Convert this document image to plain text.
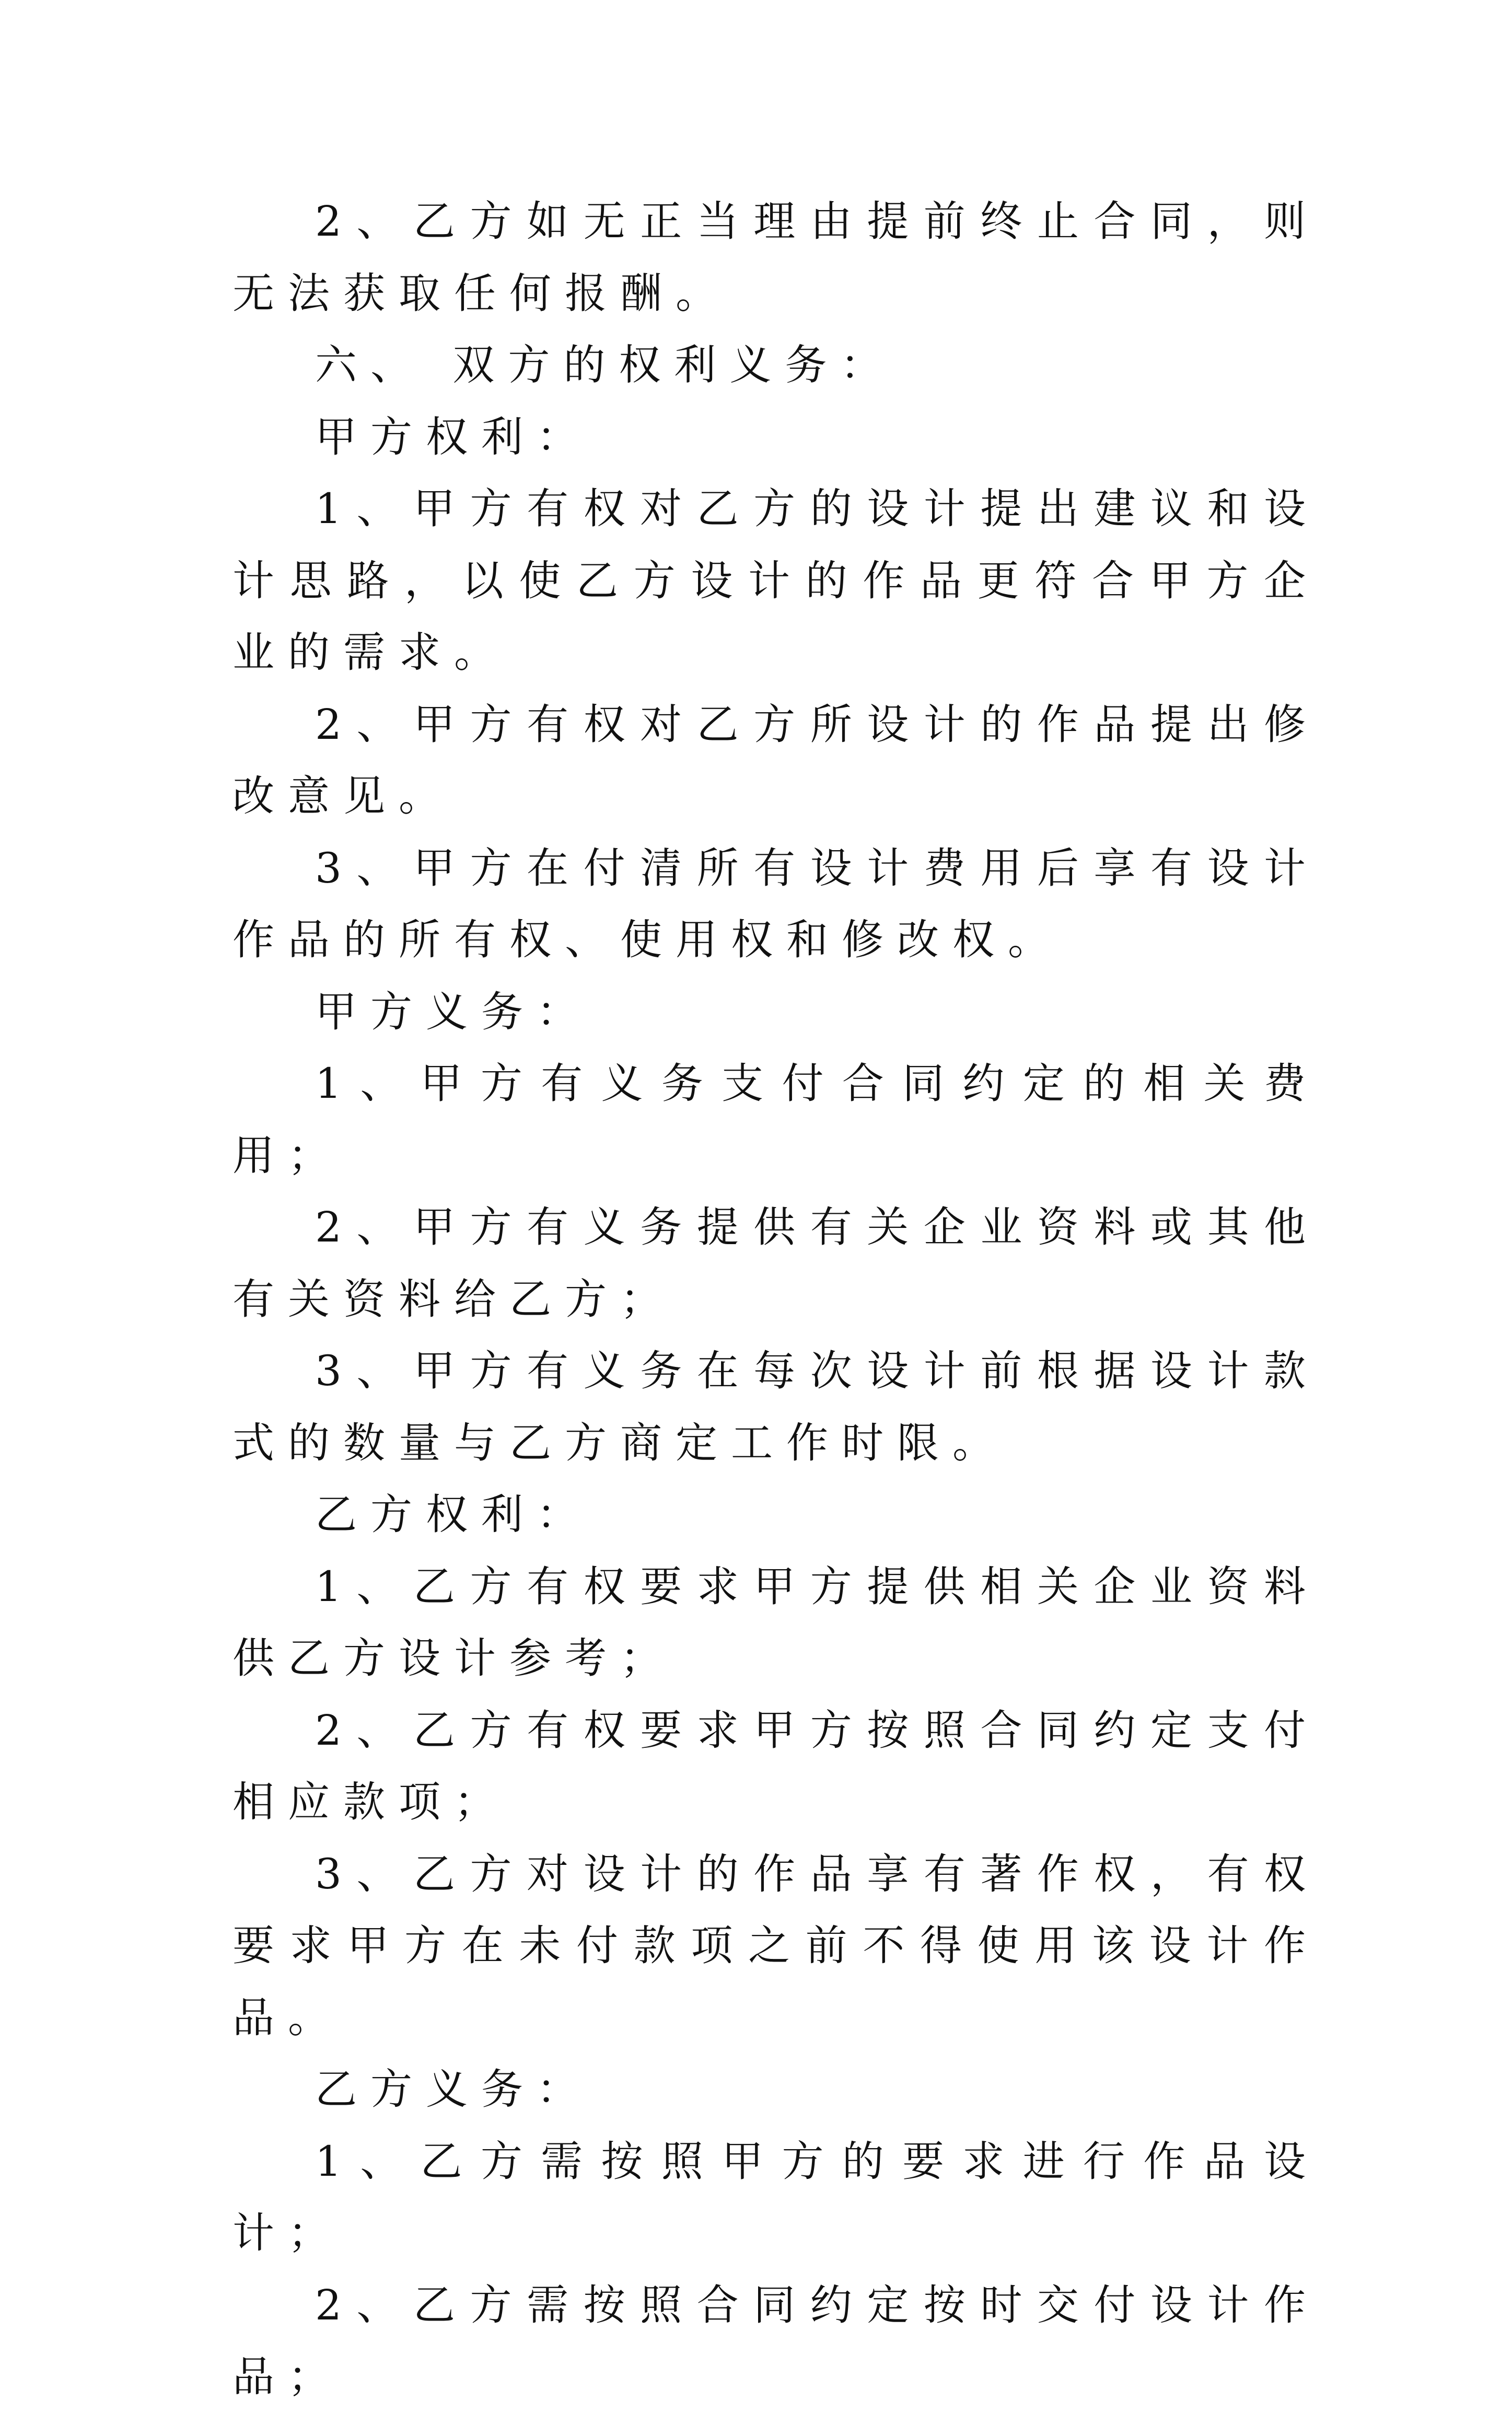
2、乙方如无正当理由提前终止合同，则无法获取任何报酬。

六、 双方的权利义务：

甲方权利：

1、甲方有权对乙方的设计提出建议和设计思路，以使乙方设计的作品更符合甲方企业的需求。

2、甲方有权对乙方所设计的作品提出修改意见。

3、甲方在付清所有设计费用后享有设计作品的所有权、使用权和修改权。

甲方义务：

1、甲方有义务支付合同约定的相关费用；

2、甲方有义务提供有关企业资料或其他有关资料给乙方；

3、甲方有义务在每次设计前根据设计款式的数量与乙方商定工作时限。

乙方权利：

1、乙方有权要求甲方提供相关企业资料供乙方设计参考；

2、乙方有权要求甲方按照合同约定支付相应款项；

3、乙方对设计的作品享有著作权，有权要求甲方在未付款项之前不得使用该设计作品。

乙方义务：

1、乙方需按照甲方的要求进行作品设计；

2、乙方需按照合同约定按时交付设计作品；
